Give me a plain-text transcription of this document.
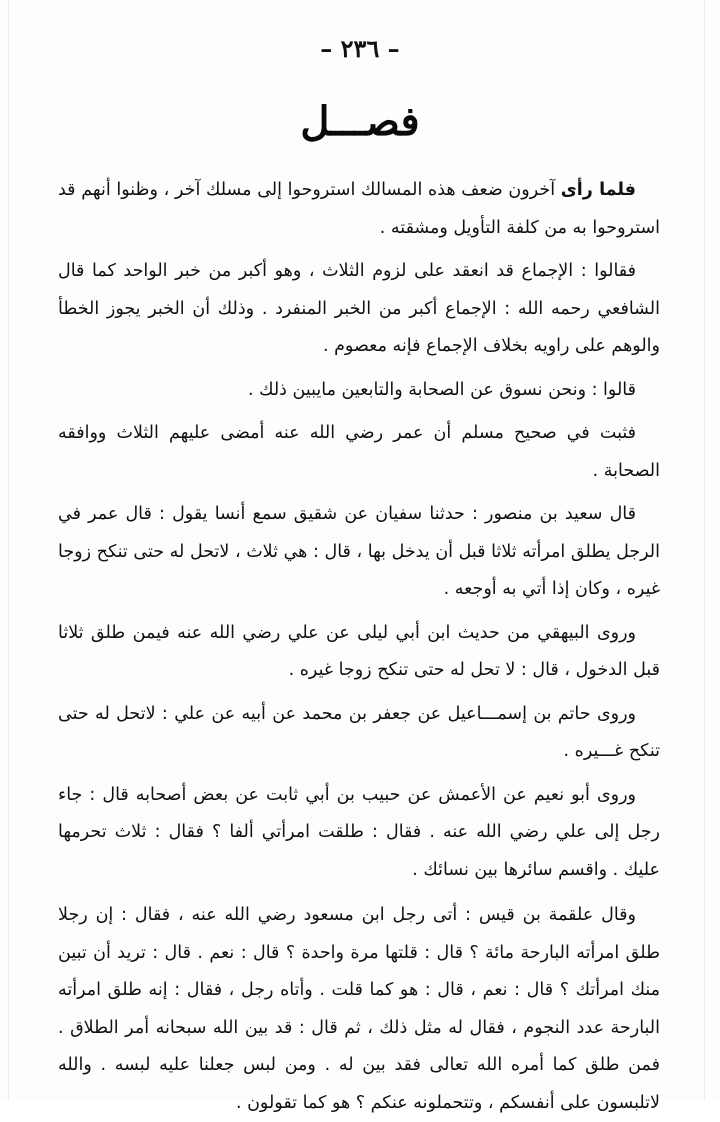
– ٢٣٦ –
فصـــل

فلما رأى آخرون ضعف هذه المسالك استروحوا إلى مسلك آخر ، وظنوا أنهم قد استروحوا به من كلفة التأويل ومشقته .

فقالوا : الإجماع قد انعقد على لزوم الثلاث ، وهو أكبر من خبر الواحد كما قال الشافعي رحمه الله : الإجماع أكبر من الخبر المنفرد . وذلك أن الخبر يجوز الخطأ والوهم على راويه بخلاف الإجماع فإنه معصوم .

قالوا : ونحن نسوق عن الصحابة والتابعين مايبين ذلك .

فثبت في صحيح مسلم أن عمر رضي الله عنه أمضى عليهم الثلاث ووافقه الصحابة .

قال سعيد بن منصور : حدثنا سفيان عن شقيق سمع أنسا يقول : قال عمر في الرجل يطلق امرأته ثلاثا قبل أن يدخل بها ، قال : هي ثلاث ، لاتحل له حتى تنكح زوجا غيره ، وكان إذا أتي به أوجعه .

وروى البيهقي من حديث ابن أبي ليلى عن علي رضي الله عنه فيمن طلق ثلاثا قبل الدخول ، قال : لا تحل له حتى تنكح زوجا غيره .

وروى حاتم بن إسمـــاعيل عن جعفر بن محمد عن أبيه عن علي : لاتحل له حتى تنكح غـــيره .

وروى أبو نعيم عن الأعمش عن حبيب بن أبي ثابت عن بعض أصحابه قال : جاء رجل إلى علي رضي الله عنه . فقال : طلقت امرأتي ألفا ؟ فقال : ثلاث تحرمها عليك . واقسم سائرها بين نسائك .

وقال علقمة بن قيس : أتى رجل ابن مسعود رضي الله عنه ، فقال : إن رجلا طلق امرأته البارحة مائة ؟ قال : قلتها مرة واحدة ؟ قال : نعم . قال : تريد أن تبين منك امرأتك ؟ قال : نعم ، قال : هو كما قلت . وأتاه رجل ، فقال : إنه طلق امرأته البارحة عدد النجوم ، فقال له مثل ذلك ، ثم قال : قد بين الله سبحانه أمر الطلاق . فمن طلق كما أمره الله تعالى فقد بين له . ومن لبس جعلنا عليه لبسه . والله لاتلبسون على أنفسكم ، وتتحملونه عنكم ؟ هو كما تقولون .
